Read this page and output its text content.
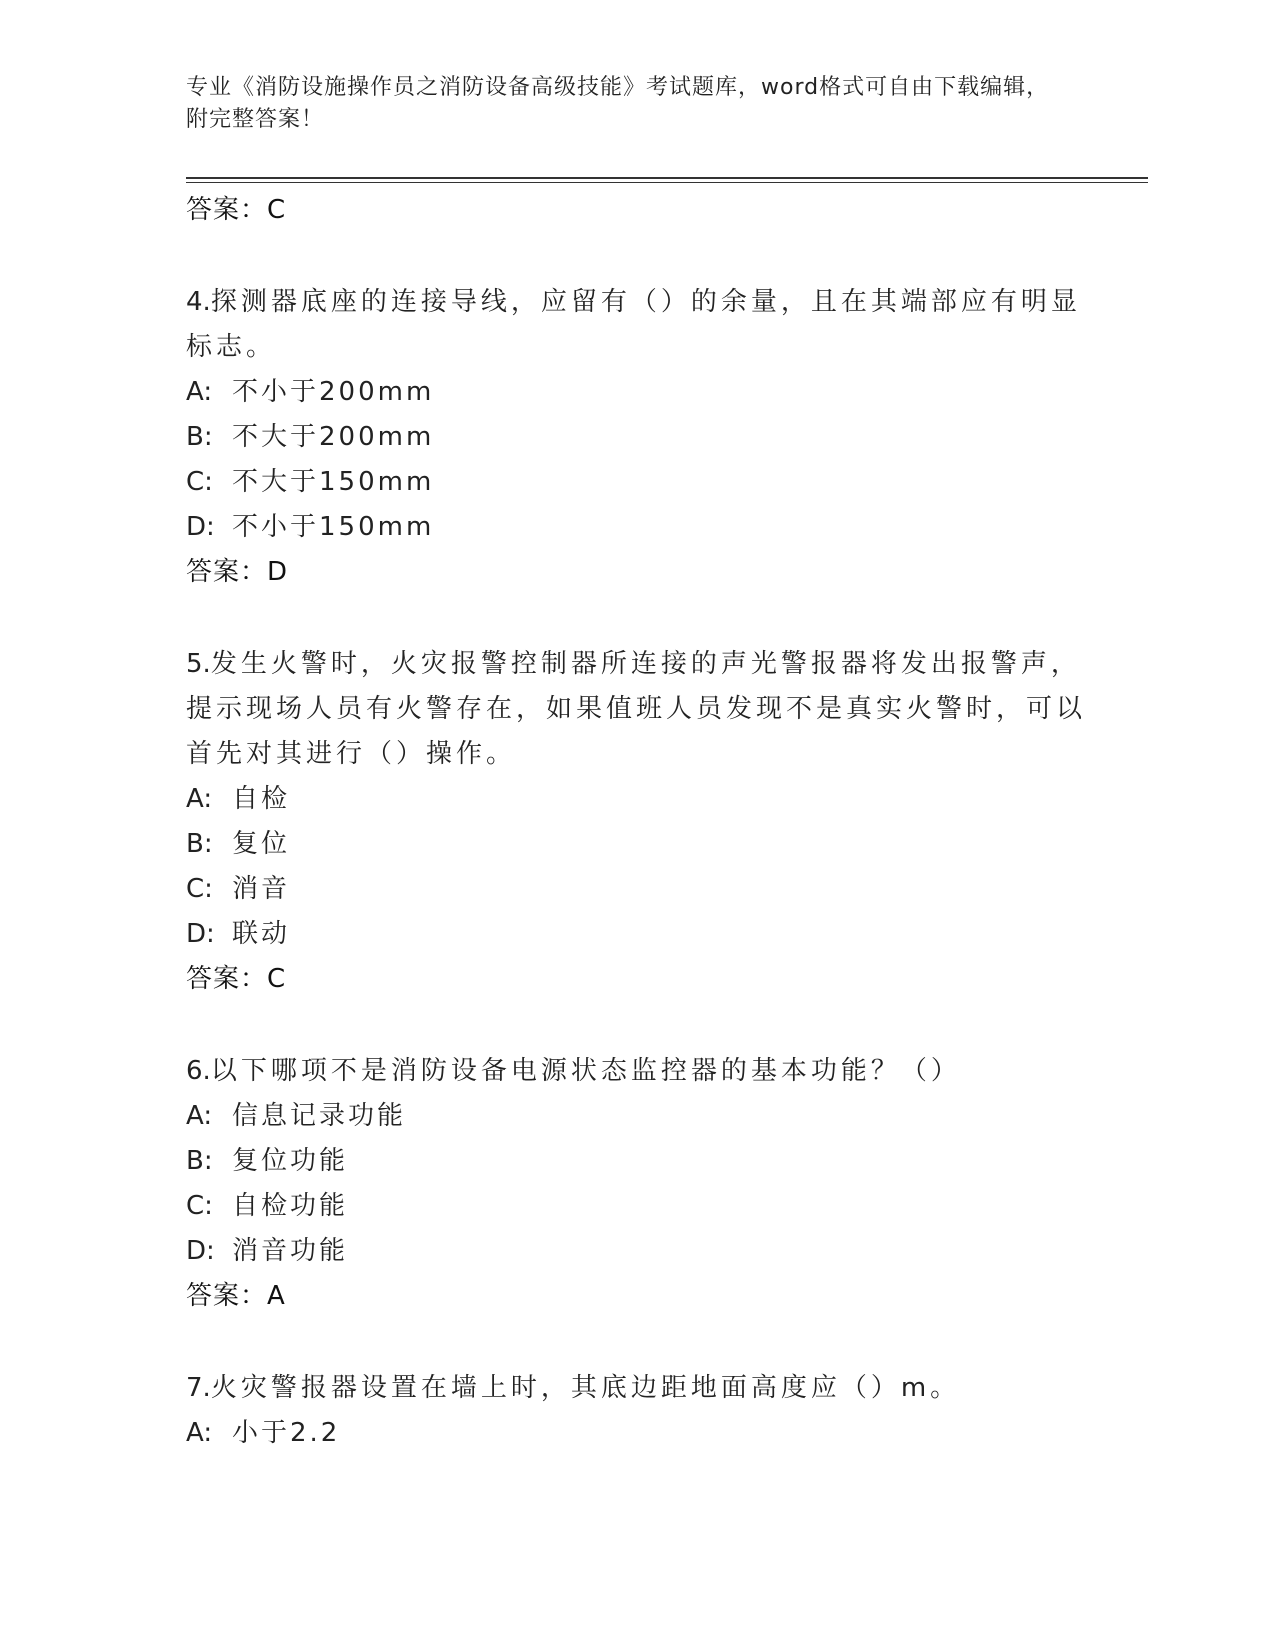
专业《消防设施操作员之消防设备高级技能》考试题库，word格式可自由下载编辑，附完整答案！
答案：C
4.探测器底座的连接导线，应留有（）的余量，且在其端部应有明显标志。
A: 不小于200mm
B: 不大于200mm
C: 不大于150mm
D: 不小于150mm
答案：D
5.发生火警时，火灾报警控制器所连接的声光警报器将发出报警声，提示现场人员有火警存在，如果值班人员发现不是真实火警时，可以首先对其进行（）操作。
A: 自检
B: 复位
C: 消音
D: 联动
答案：C
6.以下哪项不是消防设备电源状态监控器的基本功能？（）
A: 信息记录功能
B: 复位功能
C: 自检功能
D: 消音功能
答案：A
7.火灾警报器设置在墙上时，其底边距地面高度应（）m。
A: 小于2.2
